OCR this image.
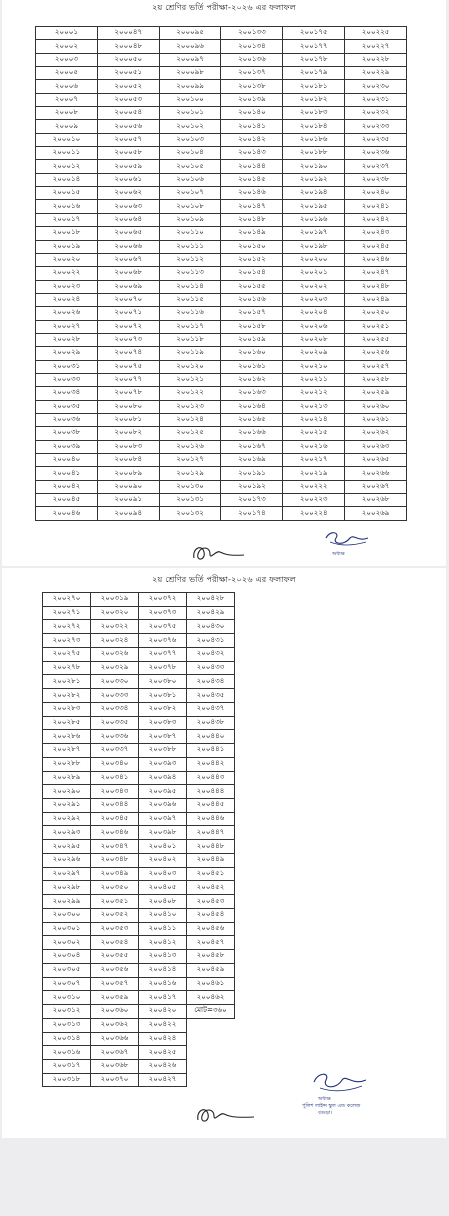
২য় শ্রেণির ভর্তি পরীক্ষা-২০২৬ এর ফলাফল
২০০০১	২০০০৪৭	২০০০৯৫	২০০১৩৩	২০০১৭৫	২০০২২৫
২০০০২	২০০০৪৮	২০০০৯৬	২০০১৩৪	২০০১৭৭	২০০২২৭
২০০০৩	২০০০৫০	২০০০৯৭	২০০১৩৬	২০০১৭৮	২০০২২৮
২০০০৫	২০০০৫১	২০০০৯৮	২০০১৩৭	২০০১৭৯	২০০২২৯
২০০০৬	২০০০৫২	২০০০৯৯	২০০১৩৮	২০০১৮১	২০০২৩০
২০০০৭	২০০০৫৩	২০০১০০	২০০১৩৯	২০০১৮২	২০০২৩১
২০০০৮	২০০০৫৪	২০০১০১	২০০১৪০	২০০১৮৩	২০০২৩২
২০০০৯	২০০০৫৬	২০০১০২	২০০১৪১	২০০১৮৪	২০০২৩৩
২০০০১০	২০০০৫৭	২০০১০৩	২০০১৪২	২০০১৮৬	২০০২৩৫
২০০০১১	২০০০৫৮	২০০১০৪	২০০১৪৩	২০০১৮৮	২০০২৩৬
২০০০১২	২০০০৫৯	২০০১০৫	২০০১৪৪	২০০১৯০	২০০২৩৭
২০০০১৪	২০০০৬১	২০০১০৬	২০০১৪৫	২০০১৯২	২০০২৩৮
২০০০১৫	২০০০৬২	২০০১০৭	২০০১৪৬	২০০১৯৪	২০০২৪০
২০০০১৬	২০০০৬৩	২০০১০৮	২০০১৪৭	২০০১৯৫	২০০২৪১
২০০০১৭	২০০০৬৪	২০০১০৯	২০০১৪৮	২০০১৯৬	২০০২৪২
২০০০১৮	২০০০৬৫	২০০১১০	২০০১৪৯	২০০১৯৭	২০০২৪৩
২০০০১৯	২০০০৬৬	২০০১১১	২০০১৫০	২০০১৯৮	২০০২৪৫
২০০০২০	২০০০৬৭	২০০১১২	২০০১৫২	২০০২০০	২০০২৪৬
২০০০২২	২০০০৬৮	২০০১১৩	২০০১৫৪	২০০২০১	২০০২৪৭
২০০০২৩	২০০০৬৯	২০০১১৪	২০০১৫৫	২০০২০২	২০০২৪৮
২০০০২৪	২০০০৭০	২০০১১৫	২০০১৫৬	২০০২০৩	২০০২৪৯
২০০০২৬	২০০০৭১	২০০১১৬	২০০১৫৭	২০০২০৪	২০০২৫০
২০০০২৭	২০০০৭২	২০০১১৭	২০০১৫৮	২০০২০৬	২০০২৫১
২০০০২৮	২০০০৭৩	২০০১১৮	২০০১৫৯	২০০২০৮	২০০২৫৫
২০০০২৯	২০০০৭৪	২০০১১৯	২০০১৬০	২০০২০৯	২০০২৫৬
২০০০৩১	২০০০৭৫	২০০১২০	২০০১৬১	২০০২১০	২০০২৫৭
২০০০৩৩	২০০০৭৭	২০০১২১	২০০১৬২	২০০২১১	২০০২৫৮
২০০০৩৪	২০০০৭৮	২০০১২২	২০০১৬৩	২০০২১২	২০০২৫৯
২০০০৩৫	২০০০৮০	২০০১২৩	২০০১৬৪	২০০২১৩	২০০২৬০
২০০০৩৬	২০০০৮১	২০০১২৪	২০০১৬৫	২০০২১৪	২০০২৬১
২০০০৩৮	২০০০৮২	২০০১২৫	২০০১৬৬	২০০২১৫	২০০২৬২
২০০০৩৯	২০০০৮৩	২০০১২৬	২০০১৬৭	২০০২১৬	২০০২৬৩
২০০০৪০	২০০০৮৪	২০০১২৭	২০০১৬৯	২০০২১৭	২০০২৬৫
২০০০৪১	২০০০৮৯	২০০১২৯	২০০১৯১	২০০২১৯	২০০২৬৬
২০০০৪২	২০০০৯০	২০০১৩০	২০০১৯২	২০০২২২	২০০২৬৭
২০০০৪৫	২০০০৯১	২০০১৩১	২০০১৭৩	২০০২২৩	২০০২৬৮
২০০০৪৬	২০০০৯৪	২০০১৩২	২০০১৭৪	২০০২২৪	২০০২৬৯
অধ্যক্ষ
২য় শ্রেণির ভর্তি পরীক্ষা-২০২৬ এর ফলাফল
২০০২৭০	২০০৩১৯	২০০৩৭২	২০০৪২৮
২০০২৭১	২০০৩২০	২০০৩৭৩	২০০৪২৯
২০০২৭২	২০০৩২২	২০০৩৭৫	২০০৪৩০
২০০২৭৩	২০০৩২৪	২০০৩৭৬	২০০৪৩১
২০০২৭৫	২০০৩২৬	২০০৩৭৭	২০০৪৩২
২০০২৭৮	২০০৩২৯	২০০৩৭৮	২০০৪৩৩
২০০২৮১	২০০৩৩০	২০০৩৮০	২০০৪৩৪
২০০২৮২	২০০৩৩৩	২০০৩৮১	২০০৪৩৫
২০০২৮৩	২০০৩৩৪	২০০৩৮২	২০০৪৩৭
২০০২৮৫	২০০৩৩৫	২০০৩৮৩	২০০৪৩৮
২০০২৮৬	২০০৩৩৬	২০০৩৮৭	২০০৪৪০
২০০২৮৭	২০০৩৩৭	২০০৩৮৮	২০০৪৪১
২০০২৮৮	২০০৩৪০	২০০৩৯৩	২০০৪৪২
২০০২৮৯	২০০৩৪১	২০০৩৯৪	২০০৪৪৩
২০০২৯০	২০০৩৪৩	২০০৩৯৫	২০০৪৪৪
২০০২৯১	২০০৩৪৪	২০০৩৯৬	২০০৪৪৫
২০০২৯২	২০০৩৪৫	২০০৩৯৭	২০০৪৪৬
২০০২৯৩	২০০৩৪৬	২০০৩৯৮	২০০৪৪৭
২০০২৯৫	২০০৩৪৭	২০০৪০১	২০০৪৪৮
২০০২৯৬	২০০৩৪৮	২০০৪০২	২০০৪৪৯
২০০২৯৭	২০০৩৪৯	২০০৪০৩	২০০৪৫১
২০০২৯৮	২০০৩৫০	২০০৪০৫	২০০৪৫২
২০০২৯৯	২০০৩৫১	২০০৪০৮	২০০৪৫৩
২০০৩০০	২০০৩৫২	২০০৪১০	২০০৪৫৪
২০০৩০১	২০০৩৫৩	২০০৪১১	২০০৪৫৬
২০০৩০২	২০০৩৫৪	২০০৪১২	২০০৪৫৭
২০০৩০৪	২০০৩৫৫	২০০৪১৩	২০০৪৫৮
২০০৩০৫	২০০৩৫৬	২০০৪১৪	২০০৪৫৯
২০০৩০৭	২০০৩৫৭	২০০৪১৬	২০০৪৬১
২০০৩১০	২০০৩৫৯	২০০৪১৭	২০০৪৬২
২০০৩১২	২০০৩৬০	২০০৪২০	মোট=৩৬০
২০০৩১৩	২০০৩৬২	২০০৪২২	
২০০৩১৪	২০০৩৬৬	২০০৪২৪	
২০০৩১৬	২০০৩৬৭	২০০৪২৫	
২০০৩১৭	২০০৩৬৮	২০০৪২৬	
২০০৩১৮	২০০৩৭০	২০০৪২৭	
অধ্যক্ষ
পুলিশ লাইন্স স্কুল এন্ড কলেজ
বগুড়া।
